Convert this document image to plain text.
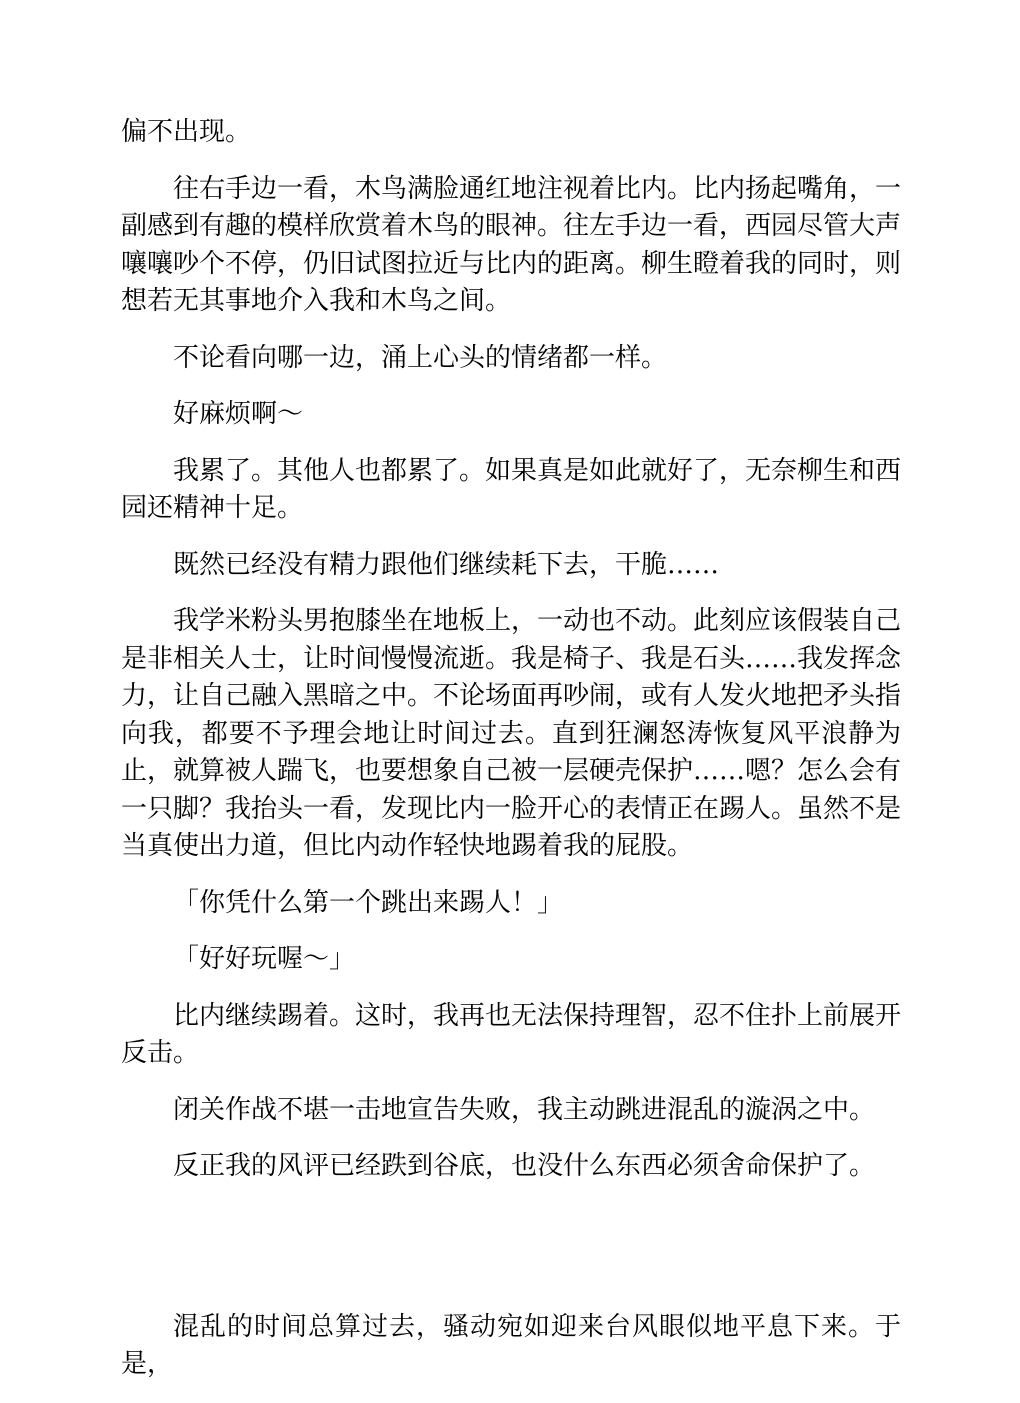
偏不出现。

往右手边一看，木鸟满脸通红地注视着比内。比内扬起嘴角，一副感到有趣的模样欣赏着木鸟的眼神。往左手边一看，西园尽管大声嚷嚷吵个不停，仍旧试图拉近与比内的距离。柳生瞪着我的同时，则想若无其事地介入我和木鸟之间。

不论看向哪一边，涌上心头的情绪都一样。

好麻烦啊～

我累了。其他人也都累了。如果真是如此就好了，无奈柳生和西园还精神十足。

既然已经没有精力跟他们继续耗下去，干脆……

我学米粉头男抱膝坐在地板上，一动也不动。此刻应该假装自己是非相关人士，让时间慢慢流逝。我是椅子、我是石头……我发挥念力，让自己融入黑暗之中。不论场面再吵闹，或有人发火地把矛头指向我，都要不予理会地让时间过去。直到狂澜怒涛恢复风平浪静为止，就算被人踹飞，也要想象自己被一层硬壳保护……嗯？怎么会有一只脚？我抬头一看，发现比内一脸开心的表情正在踢人。虽然不是当真使出力道，但比内动作轻快地踢着我的屁股。

「你凭什么第一个跳出来踢人！」

「好好玩喔～」

比内继续踢着。这时，我再也无法保持理智，忍不住扑上前展开反击。

闭关作战不堪一击地宣告失败，我主动跳进混乱的漩涡之中。

反正我的风评已经跌到谷底，也没什么东西必须舍命保护了。

混乱的时间总算过去，骚动宛如迎来台风眼似地平息下来。于是，
